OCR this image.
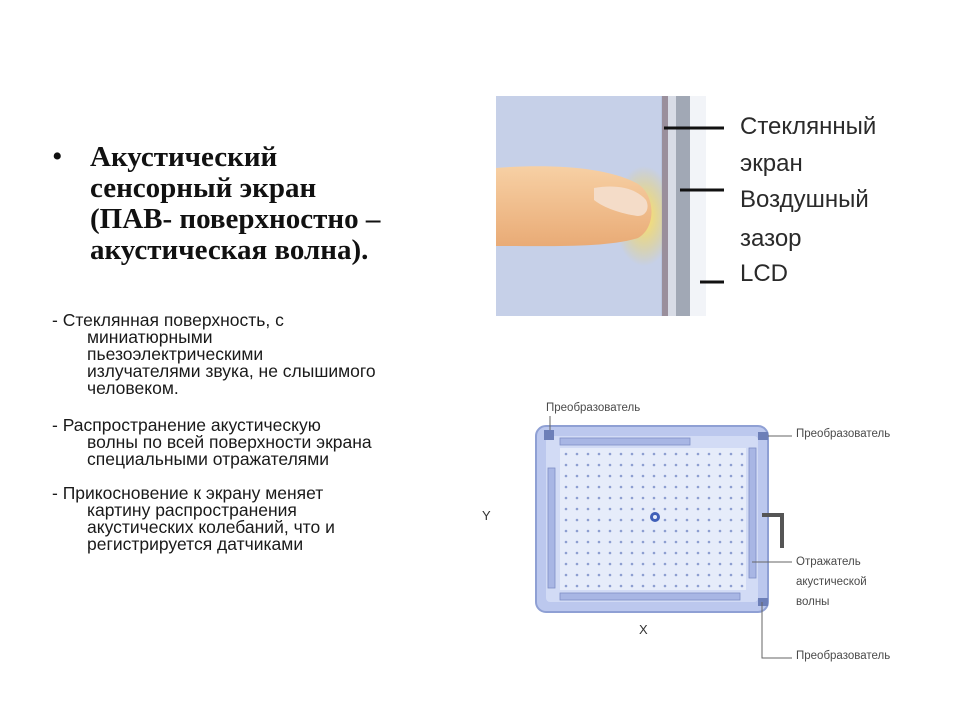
• Акустический
сенсорный экран
(ПАВ- поверхностно –
акустическая волна).
- Стеклянная поверхность, с
миниатюрными
пьезоэлектрическими
излучателями звука, не слышимого
человеком.
- Распространение акустическую
волны по всей поверхности экрана
специальными отражателями
- Прикосновение к экрану меняет
картину распространения
акустических колебаний, что и
регистрируется датчиками
Стеклянный
экран
Воздушный
зазор
LCD
Преобразователь
Преобразователь
Отражатель
акустической
волны
Преобразователь
Y
X
